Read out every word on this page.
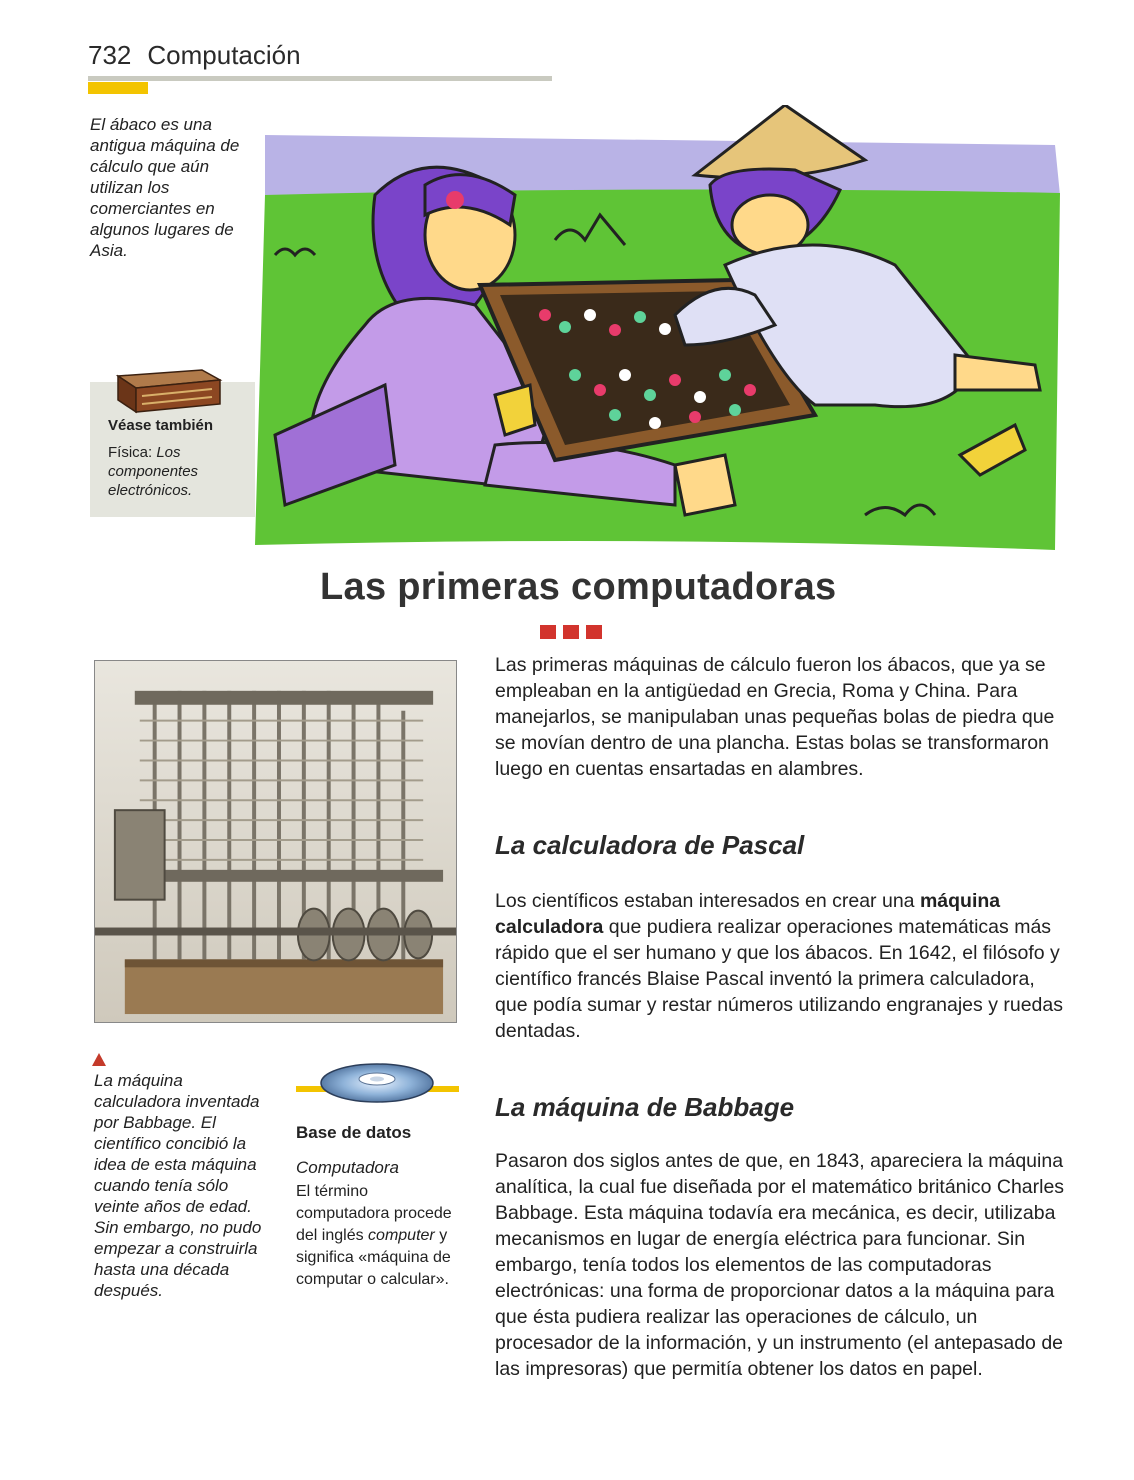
732 Computación

El ábaco es una antigua máquina de cálculo que aún utilizan los comerciantes en algunos lugares de Asia.

Véase también

Física: Los componentes electrónicos.

Las primeras computadoras

Las primeras máquinas de cálculo fueron los ábacos, que ya se empleaban en la antigüedad en Grecia, Roma y China. Para manejarlos, se manipulaban unas pequeñas bolas de piedra que se movían dentro de una plancha. Estas bolas se transformaron luego en cuentas ensartadas en alambres.

La calculadora de Pascal

Los científicos estaban interesados en crear una máquina calculadora que pudiera realizar operaciones matemáticas más rápido que el ser humano y que los ábacos. En 1642, el filósofo y científico francés Blaise Pascal inventó la primera calculadora, que podía sumar y restar números utilizando engranajes y ruedas dentadas.

La máquina de Babbage

Pasaron dos siglos antes de que, en 1843, apareciera la máquina analítica, la cual fue diseñada por el matemático británico Charles Babbage. Esta máquina todavía era mecánica, es decir, utilizaba mecanismos en lugar de energía eléctrica para funcionar. Sin embargo, tenía todos los elementos de las computadoras electrónicas: una forma de proporcionar datos a la máquina para que ésta pudiera realizar las operaciones de cálculo, un procesador de la información, y un instrumento (el antepasado de las impresoras) que permitía obtener los datos en papel.

La máquina calculadora inventada por Babbage. El científico concibió la idea de esta máquina cuando tenía sólo veinte años de edad. Sin embargo, no pudo empezar a construirla hasta una década después.

Base de datos
Computadora

El término computadora procede del inglés computer y significa «máquina de computar o calcular».
